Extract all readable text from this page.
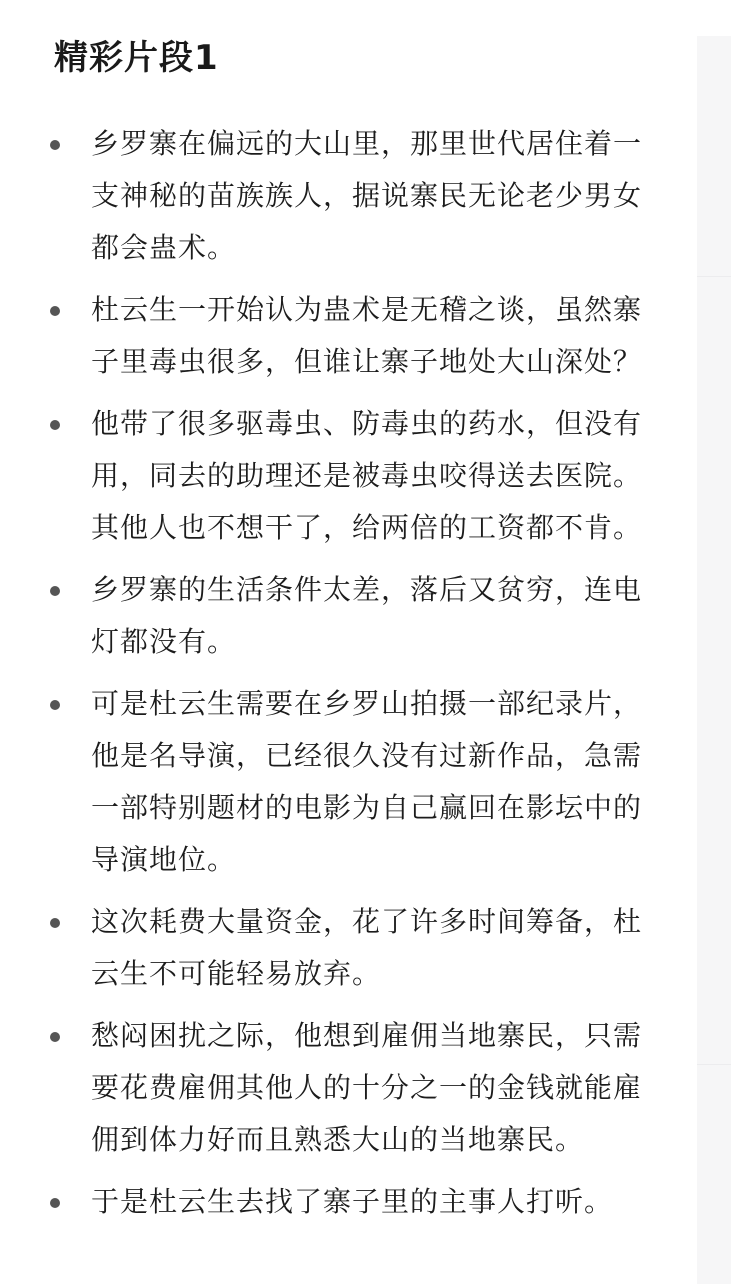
精彩片段1
乡罗寨在偏远的大山里，那里世代居住着一支神秘的苗族族人，据说寨民无论老少男女都会蛊术。
杜云生一开始认为蛊术是无稽之谈，虽然寨子里毒虫很多，但谁让寨子地处大山深处？
他带了很多驱毒虫、防毒虫的药水，但没有用，同去的助理还是被毒虫咬得送去医院。其他人也不想干了，给两倍的工资都不肯。
乡罗寨的生活条件太差，落后又贫穷，连电灯都没有。
可是杜云生需要在乡罗山拍摄一部纪录片，他是名导演，已经很久没有过新作品，急需一部特别题材的电影为自己赢回在影坛中的导演地位。
这次耗费大量资金，花了许多时间筹备，杜云生不可能轻易放弃。
愁闷困扰之际，他想到雇佣当地寨民，只需要花费雇佣其他人的十分之一的金钱就能雇佣到体力好而且熟悉大山的当地寨民。
于是杜云生去找了寨子里的主事人打听。
